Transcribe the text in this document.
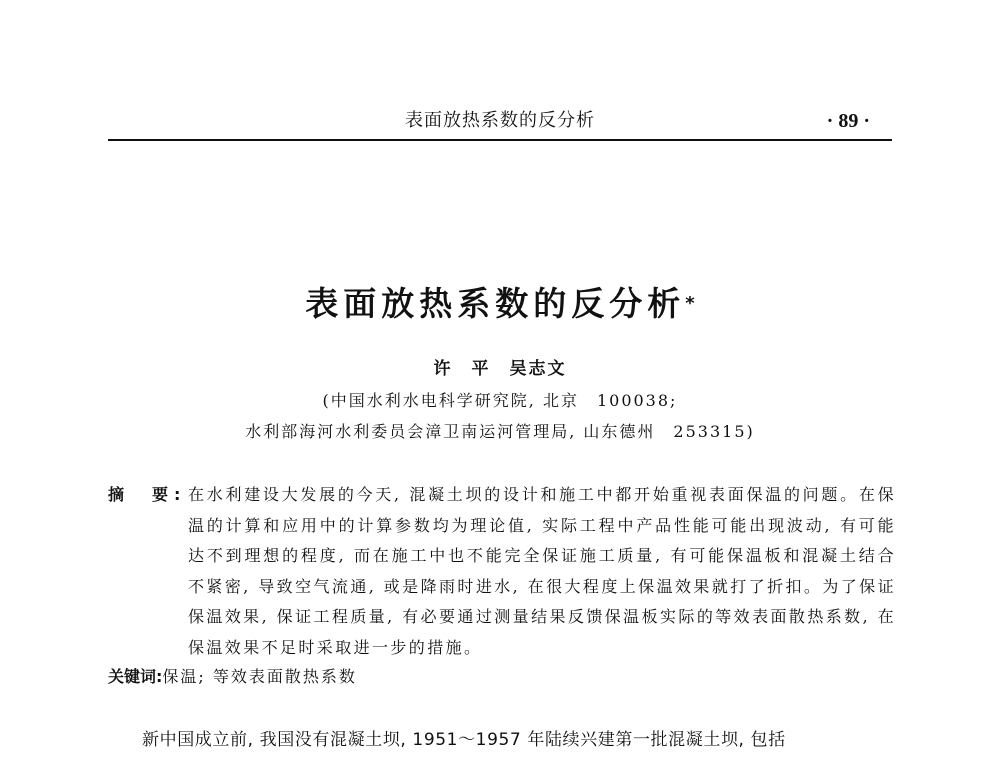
表面放热系数的反分析	· 89 ·
表面放热系数的反分析*
许　平　吴志文
(中国水利水电科学研究院, 北京　100038;
水利部海河水利委员会漳卫南运河管理局, 山东德州　253315)
摘　要: 在水利建设大发展的今天, 混凝土坝的设计和施工中都开始重视表面保温的问题。在保温的计算和应用中的计算参数均为理论值, 实际工程中产品性能可能出现波动, 有可能达不到理想的程度, 而在施工中也不能完全保证施工质量, 有可能保温板和混凝土结合不紧密, 导致空气流通, 或是降雨时进水, 在很大程度上保温效果就打了折扣。为了保证保温效果, 保证工程质量, 有必要通过测量结果反馈保温板实际的等效表面散热系数, 在保温效果不足时采取进一步的措施。
关键词:保温; 等效表面散热系数
新中国成立前, 我国没有混凝土坝, 1951～1957 年陆续兴建第一批混凝土坝, 包括
